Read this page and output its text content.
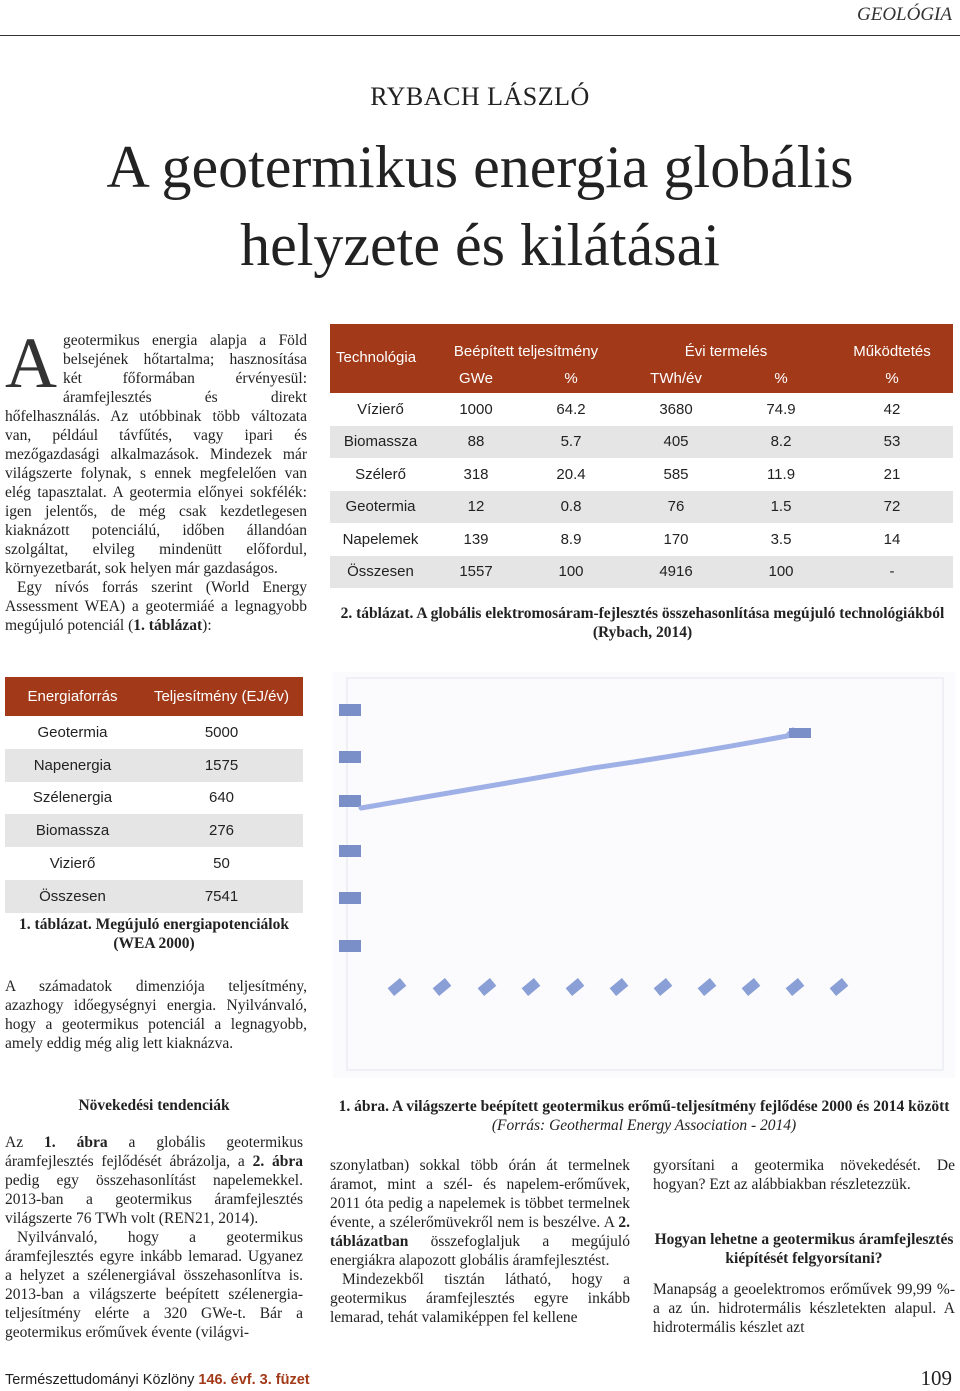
GEOLÓGIA
RYBACH LÁSZLÓ
A geotermikus energia globális
helyzete és kilátásai
Ageotermikus energia alapja a Föld belsejének hőtartalma; hasznosítása két főformában érvényesül: áramfejlesztés és direkt hőfelhasználás. Az utóbbinak több változata van, például távfűtés, vagy ipari és mezőgazdasági alkalmazások. Mindezek már világszerte folynak, s ennek megfelelően van elég tapasztalat. A geotermia előnyei sokfélék: igen jelentős, de még csak kezdetlegesen kiaknázott potenciálú, időben állandóan szolgáltat, elvileg mindenütt előfordul, környezetbarát, sok helyen már gazdaságos.
Egy nívós forrás szerint (World Energy Assessment WEA) a geotermiáé a legnagyobb megújuló potenciál (1. táblázat):
Technológia	Beépített teljesítmény		Évi termelés		Működtetés
	GWe	%	TWh/év	%	%
Vízierő	1000	64.2	3680	74.9	42
Biomassza	88	5.7	405	8.2	53
Szélerő	318	20.4	585	11.9	21
Geotermia	12	0.8	76	1.5	72
Napelemek	139	8.9	170	3.5	14
Összesen	1557	100	4916	100	-
2. táblázat. A globális elektromosáram-fejlesztés összehasonlítása megújuló technológiákból (Rybach, 2014)
Energiaforrás	Teljesítmény (EJ/év)
Geotermia	5000
Napenergia	1575
Szélenergia	640
Biomassza	276
Vizierő	50
Összesen	7541
1. táblázat. Megújuló energiapotenciálok (WEA 2000)
A számadatok dimenziója teljesítmény, azazhogy időegységnyi energia. Nyilvánvaló, hogy a geotermikus potenciál a legnagyobb, amely eddig még alig lett kiaknázva.
1. ábra. A világszerte beépített geotermikus erőmű-teljesítmény fejlődése 2000 és 2014 között (Forrás: Geothermal Energy Association - 2014)
Növekedési tendenciák
Az 1. ábra a globális geotermikus áramfejlesztés fejlődését ábrázolja, a 2. ábra pedig egy összehasonlítást napelemekkel. 2013-ban a geotermikus áramfejlesztés világszerte 76 TWh volt (REN21, 2014).
Nyilvánvaló, hogy a geotermikus áramfejlesztés egyre inkább lemarad. Ugyanez a helyzet a szélenergiával összehasonlítva is. 2013-ban a világszerte beépített szélenergia-teljesítmény elérte a 320 GWe-t. Bár a geotermikus erőművek évente (világvi-
szonylatban) sokkal több órán át termelnek áramot, mint a szél- és napelem-erőművek, 2011 óta pedig a napelemek is többet termelnek évente, a szélerőmüvekről nem is beszélve. A 2. táblázatban összefoglaljuk a megújuló energiákra alapozott globális áramfejlesztést.
Mindezekből tisztán látható, hogy a geotermikus áramfejlesztés egyre inkább lemarad, tehát valamiképpen fel kellene
gyorsítani a geotermika növekedését. De hogyan? Ezt az alábbiakban részletezzük.
Hogyan lehetne a geotermikus áramfejlesztés kiépítését felgyorsítani?
Manapság a geoelektromos erőművek 99,99 %-a az ún. hidrotermális készletekten alapul. A hidrotermális készlet azt
Természettudományi Közlöny 146. évf. 3. füzet	109
